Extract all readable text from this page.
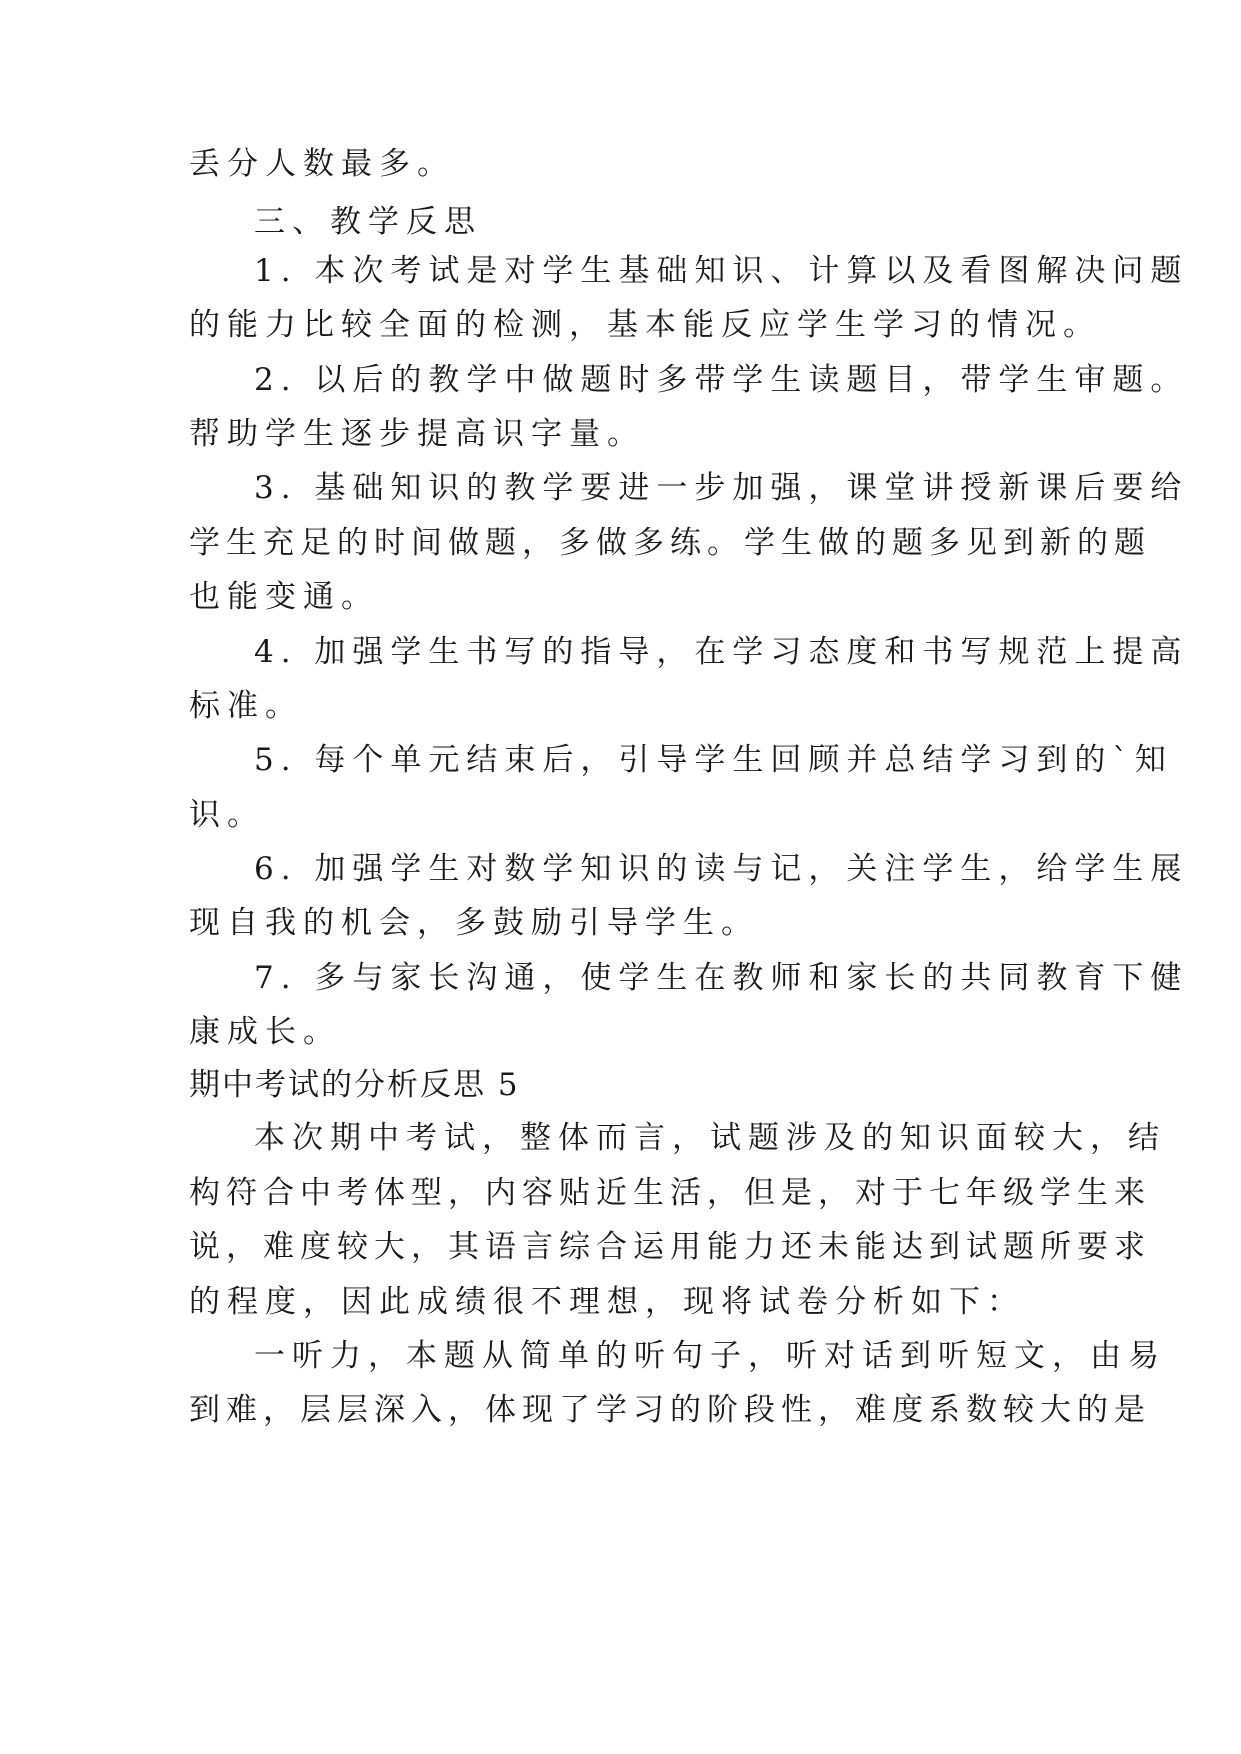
丢分人数最多。
三、教学反思
1. 本次考试是对学生基础知识、计算以及看图解决问题
的能力比较全面的检测，基本能反应学生学习的情况。
2. 以后的教学中做题时多带学生读题目，带学生审题。
帮助学生逐步提高识字量。
3. 基础知识的教学要进一步加强，课堂讲授新课后要给
学生充足的时间做题，多做多练。学生做的题多见到新的题
也能变通。
4. 加强学生书写的指导，在学习态度和书写规范上提高
标准。
5. 每个单元结束后，引导学生回顾并总结学习到的`知
识。
6. 加强学生对数学知识的读与记，关注学生，给学生展
现自我的机会，多鼓励引导学生。
7. 多与家长沟通，使学生在教师和家长的共同教育下健
康成长。
期中考试的分析反思 5
本次期中考试，整体而言，试题涉及的知识面较大，结
构符合中考体型，内容贴近生活，但是，对于七年级学生来
说，难度较大，其语言综合运用能力还未能达到试题所要求
的程度，因此成绩很不理想，现将试卷分析如下：
一听力，本题从简单的听句子，听对话到听短文，由易
到难，层层深入，体现了学习的阶段性，难度系数较大的是
